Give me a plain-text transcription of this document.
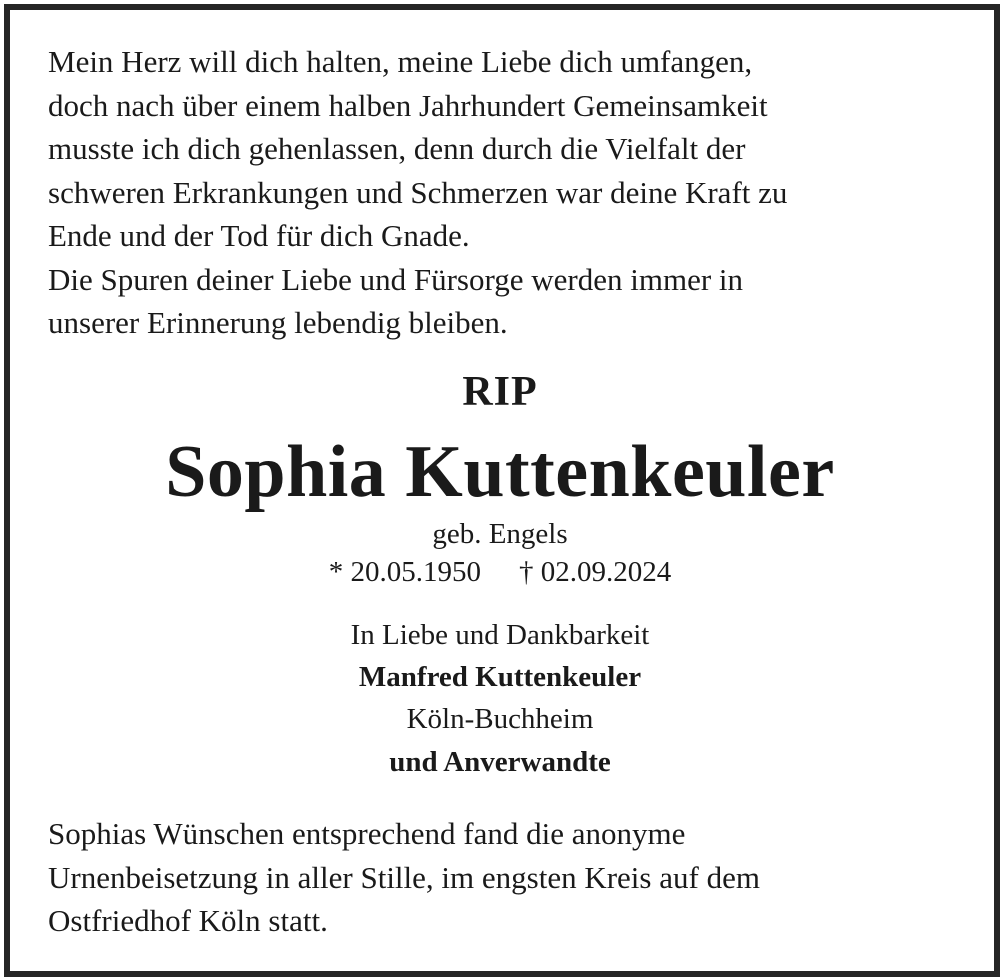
Mein Herz will dich halten, meine Liebe dich umfangen,
doch nach über einem halben Jahrhundert Gemeinsamkeit
musste ich dich gehenlassen, denn durch die Vielfalt der
schweren Erkrankungen und Schmerzen war deine Kraft zu
Ende und der Tod für dich Gnade.
Die Spuren deiner Liebe und Fürsorge werden immer in
unserer Erinnerung lebendig bleiben.

RIP
Sophia Kuttenkeuler
geb. Engels
* 20.05.1950 † 02.09.2024
In Liebe und Dankbarkeit
Manfred Kuttenkeuler
Köln-Buchheim
und Anverwandte

Sophias Wünschen entsprechend fand die anonyme
Urnenbeisetzung in aller Stille, im engsten Kreis auf dem
Ostfriedhof Köln statt.
